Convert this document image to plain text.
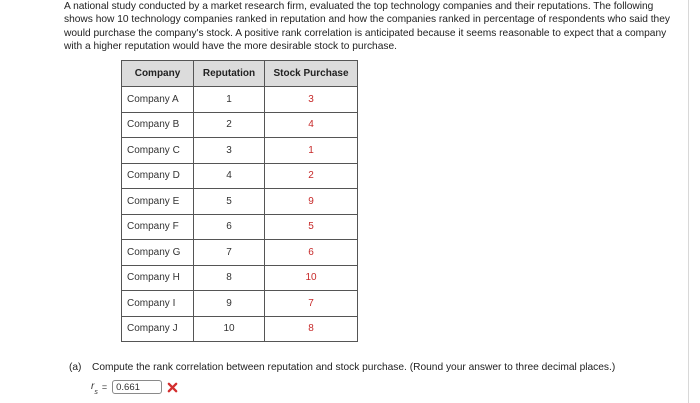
A national study conducted by a market research firm, evaluated the top technology companies and their reputations. The following shows how 10 technology companies ranked in reputation and how the companies ranked in percentage of respondents who said they would purchase the company's stock. A positive rank correlation is anticipated because it seems reasonable to expect that a company with a higher reputation would have the more desirable stock to purchase.
Company	Reputation	Stock Purchase
Company A	1	3
Company B	2	4
Company C	3	1
Company D	4	2
Company E	5	9
Company F	6	5
Company G	7	6
Company H	8	10
Company I	9	7
Company J	10	8
(a) Compute the rank correlation between reputation and stock purchase. (Round your answer to three decimal places.)
$r_s$ =
0.661
